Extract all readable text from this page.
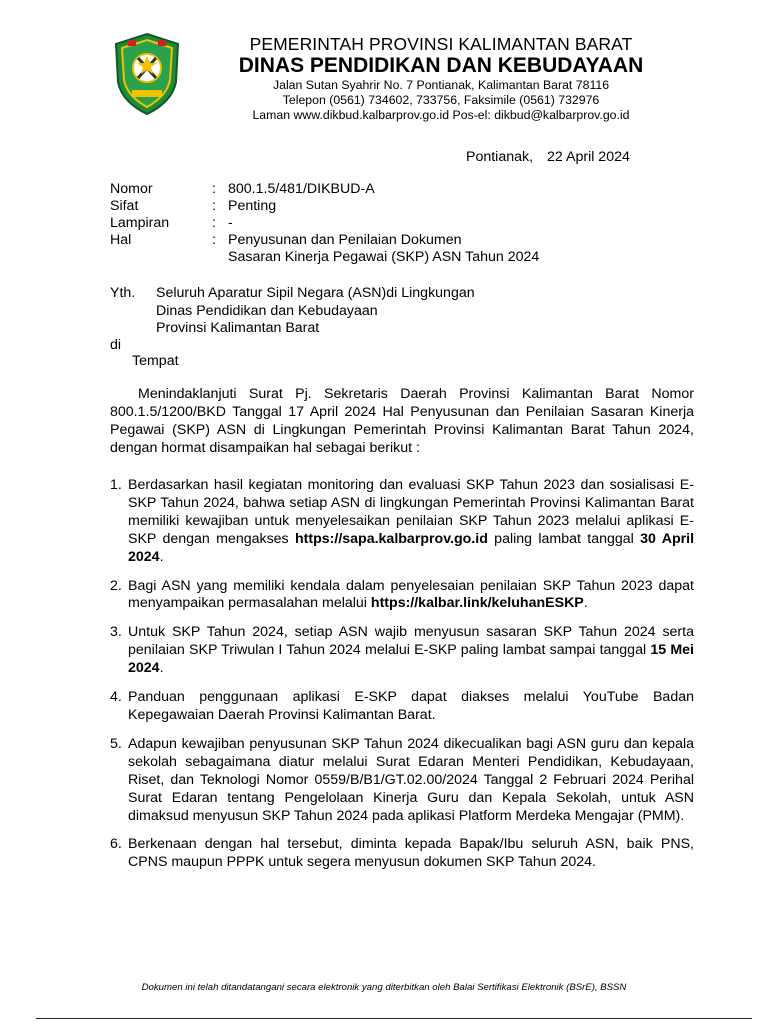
PEMERINTAH PROVINSI KALIMANTAN BARAT
DINAS PENDIDIKAN DAN KEBUDAYAAN
Jalan Sutan Syahrir No. 7 Pontianak, Kalimantan Barat 78116
Telepon (0561) 734602, 733756, Faksimile (0561) 732976
Laman www.dikbud.kalbarprov.go.id Pos-el: dikbud@kalbarprov.go.id
Pontianak, 22 April 2024
Nomor	: 800.1.5/481/DIKBUD-A
Sifat	: Penting
Lampiran	: -
Hal	: Penyusunan dan Penilaian Dokumen
Sasaran Kinerja Pegawai (SKP) ASN Tahun 2024
Yth.	Seluruh Aparatur Sipil Negara (ASN)di Lingkungan
Dinas Pendidikan dan Kebudayaan
Provinsi Kalimantan Barat
di
Tempat
Menindaklanjuti Surat Pj. Sekretaris Daerah Provinsi Kalimantan Barat Nomor 800.1.5/1200/BKD Tanggal 17 April 2024 Hal Penyusunan dan Penilaian Sasaran Kinerja Pegawai (SKP) ASN di Lingkungan Pemerintah Provinsi Kalimantan Barat Tahun 2024, dengan hormat disampaikan hal sebagai berikut :
1. Berdasarkan hasil kegiatan monitoring dan evaluasi SKP Tahun 2023 dan sosialisasi E-SKP Tahun 2024, bahwa setiap ASN di lingkungan Pemerintah Provinsi Kalimantan Barat memiliki kewajiban untuk menyelesaikan penilaian SKP Tahun 2023 melalui aplikasi E-SKP dengan mengakses https://sapa.kalbarprov.go.id paling lambat tanggal 30 April 2024.
2. Bagi ASN yang memiliki kendala dalam penyelesaian penilaian SKP Tahun 2023 dapat menyampaikan permasalahan melalui https://kalbar.link/keluhanESKP.
3. Untuk SKP Tahun 2024, setiap ASN wajib menyusun sasaran SKP Tahun 2024 serta penilaian SKP Triwulan I Tahun 2024 melalui E-SKP paling lambat sampai tanggal 15 Mei 2024.
4. Panduan penggunaan aplikasi E-SKP dapat diakses melalui YouTube Badan Kepegawaian Daerah Provinsi Kalimantan Barat.
5. Adapun kewajiban penyusunan SKP Tahun 2024 dikecualikan bagi ASN guru dan kepala sekolah sebagaimana diatur melalui Surat Edaran Menteri Pendidikan, Kebudayaan, Riset, dan Teknologi Nomor 0559/B/B1/GT.02.00/2024 Tanggal 2 Februari 2024 Perihal Surat Edaran tentang Pengelolaan Kinerja Guru dan Kepala Sekolah, untuk ASN dimaksud menyusun SKP Tahun 2024 pada aplikasi Platform Merdeka Mengajar (PMM).
6. Berkenaan dengan hal tersebut, diminta kepada Bapak/Ibu seluruh ASN, baik PNS, CPNS maupun PPPK untuk segera menyusun dokumen SKP Tahun 2024.
Dokumen ini telah ditandatangani secara elektronik yang diterbitkan oleh Balai Sertifikasi Elektronik (BSrE), BSSN
